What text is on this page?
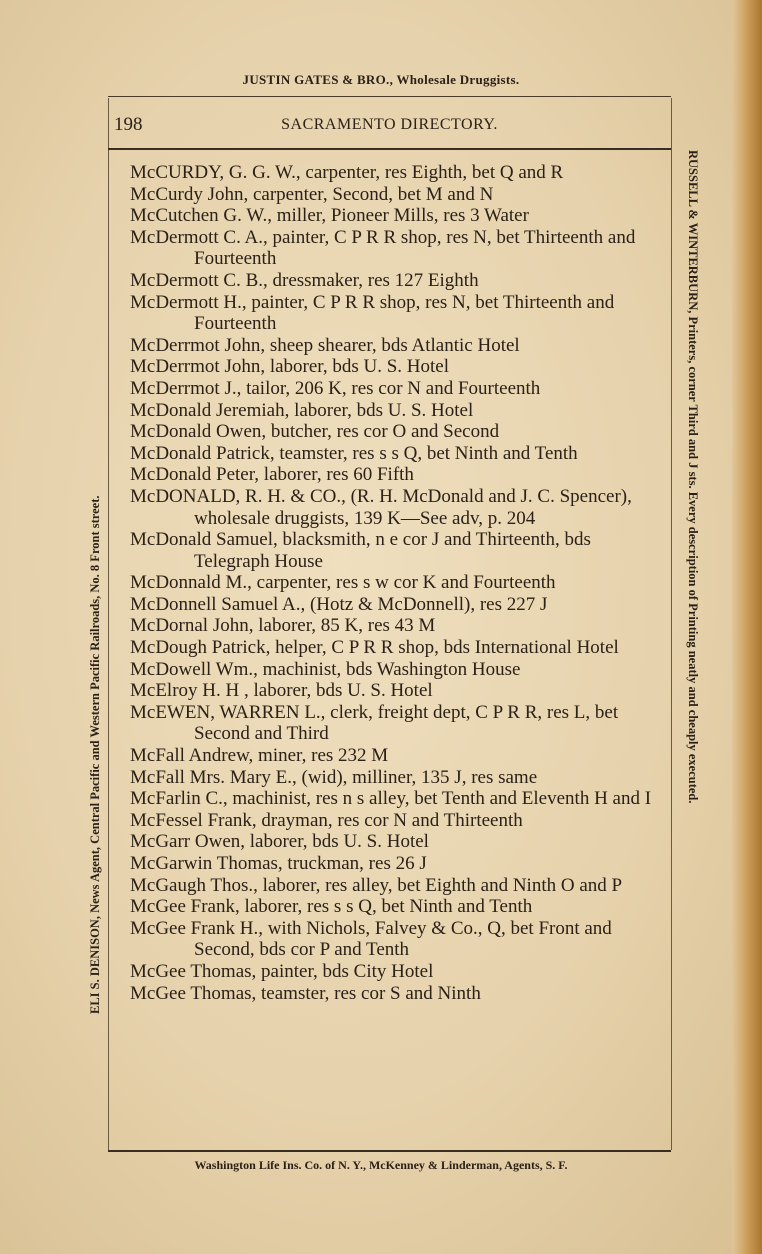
JUSTIN GATES & BRO., Wholesale Druggists.
198	SACRAMENTO DIRECTORY.

McCURDY, G. G. W., carpenter, res Eighth, bet Q and R

McCurdy John, carpenter, Second, bet M and N

McCutchen G. W., miller, Pioneer Mills, res 3 Water

McDermott C. A., painter, C P R R shop, res N, bet Thirteenth and Fourteenth

McDermott C. B., dressmaker, res 127 Eighth

McDermott H., painter, C P R R shop, res N, bet Thirteenth and Fourteenth

McDerrmot John, sheep shearer, bds Atlantic Hotel

McDerrmot John, laborer, bds U. S. Hotel

McDerrmot J., tailor, 206 K, res cor N and Fourteenth

McDonald Jeremiah, laborer, bds U. S. Hotel

McDonald Owen, butcher, res cor O and Second

McDonald Patrick, teamster, res s s Q, bet Ninth and Tenth

McDonald Peter, laborer, res 60 Fifth

McDONALD, R. H. & CO., (R. H. McDonald and J. C. Spencer), wholesale druggists, 139 K—See adv, p. 204

McDonald Samuel, blacksmith, n e cor J and Thirteenth, bds Telegraph House

McDonnald M., carpenter, res s w cor K and Fourteenth

McDonnell Samuel A., (Hotz & McDonnell), res 227 J

McDornal John, laborer, 85 K, res 43 M

McDough Patrick, helper, C P R R shop, bds International Hotel

McDowell Wm., machinist, bds Washington House

McElroy H. H , laborer, bds U. S. Hotel

McEWEN, WARREN L., clerk, freight dept, C P R R, res L, bet Second and Third

McFall Andrew, miner, res 232 M

McFall Mrs. Mary E., (wid), milliner, 135 J, res same

McFarlin C., machinist, res n s alley, bet Tenth and Eleventh H and I

McFessel Frank, drayman, res cor N and Thirteenth

McGarr Owen, laborer, bds U. S. Hotel

McGarwin Thomas, truckman, res 26 J

McGaugh Thos., laborer, res alley, bet Eighth and Ninth O and P

McGee Frank, laborer, res s s Q, bet Ninth and Tenth

McGee Frank H., with Nichols, Falvey & Co., Q, bet Front and Second, bds cor P and Tenth

McGee Thomas, painter, bds City Hotel

McGee Thomas, teamster, res cor S and Ninth

Washington Life Ins. Co. of N. Y., McKenney & Linderman, Agents, S. F.
ELI S. DENISON, News Agent, Central Pacific and Western Pacific Railroads, No. 8 Front street.	RUSSELL & WINTERBURN, Printers, corner Third and J sts. Every description of Printing neatly and cheaply executed.
